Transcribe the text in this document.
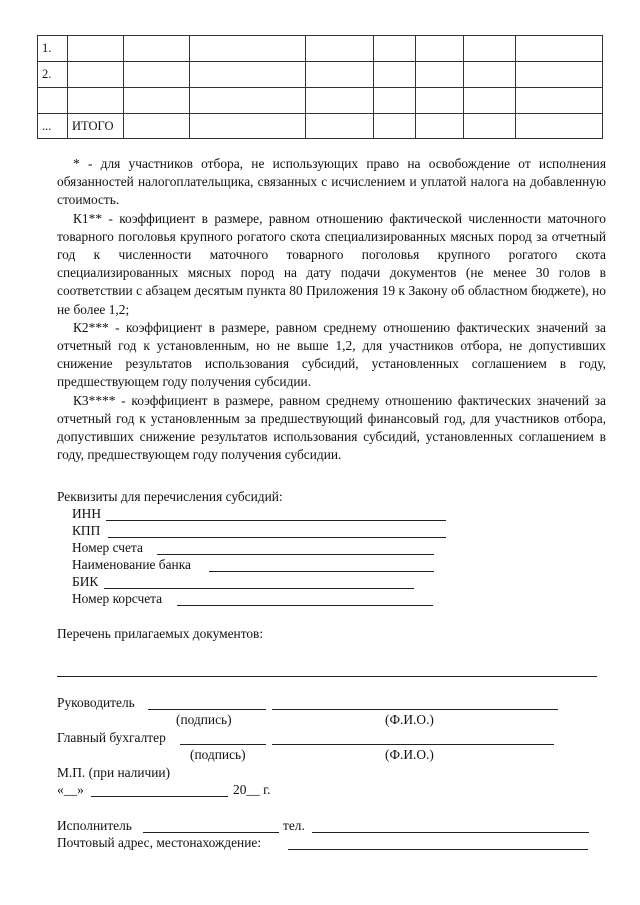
1.								
2.								

...	ИТОГО							

* - для участников отбора, не использующих право на освобождение от исполнения обязанностей налогоплательщика, связанных с исчислением и уплатой налога на добавленную стоимость.

К1** - коэффициент в размере, равном отношению фактической численности маточного товарного поголовья крупного рогатого скота специализированных мясных пород за отчетный год к численности маточного товарного поголовья крупного рогатого скота специализированных мясных пород на дату подачи документов (не менее 30 голов в соответствии с абзацем десятым пункта 80 Приложения 19 к Закону об областном бюджете), но не более 1,2;

К2*** - коэффициент в размере, равном среднему отношению фактических значений за отчетный год к установленным, но не выше 1,2, для участников отбора, не допустивших снижение результатов использования субсидий, установленных соглашением в году, предшествующем году получения субсидии.

К3**** - коэффициент в размере, равном среднему отношению фактических значений за отчетный год к установленным за предшествующий финансовый год, для участников отбора, допустивших снижение результатов использования субсидий, установленных соглашением в году, предшествующем году получения субсидии.

Реквизиты для перечисления субсидий:
ИНН
КПП
Номер счета
Наименование банка
БИК
Номер корсчета
Перечень прилагаемых документов:
Руководитель
(подпись)	(Ф.И.О.)
Главный бухгалтер
(подпись)	(Ф.И.О.)
М.П. (при наличии)
«__»	20__ г.
Исполнитель	тел.
Почтовый адрес, местонахождение:
